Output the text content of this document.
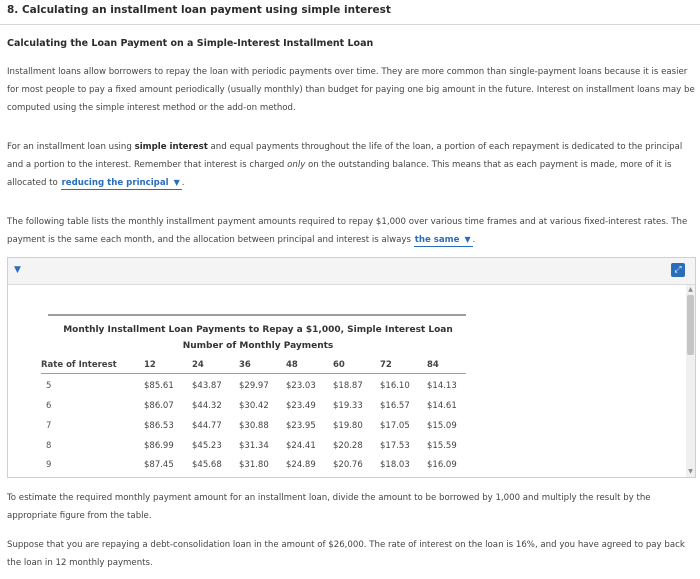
8. Calculating an installment loan payment using simple interest
Calculating the Loan Payment on a Simple-Interest Installment Loan
Installment loans allow borrowers to repay the loan with periodic payments over time. They are more common than single-payment loans because it is easier for most people to pay a fixed amount periodically (usually monthly) than budget for paying one big amount in the future. Interest on installment loans may be computed using the simple interest method or the add-on method.
For an installment loan using simple interest and equal payments throughout the life of the loan, a portion of each repayment is dedicated to the principal and a portion to the interest. Remember that interest is charged only on the outstanding balance. This means that as each payment is made, more of it is allocated to reducing the principal ▼ .
The following table lists the monthly installment payment amounts required to repay $1,000 over various time frames and at various fixed-interest rates. The payment is the same each month, and the allocation between principal and interest is always the same ▼ .
▼	⤢
Monthly Installment Loan Payments to Repay a $1,000, Simple Interest Loan
Number of Monthly Payments
Rate of Interest	12	24	36	48	60	72	84
5	$85.61 $43.87 $29.97 $23.03 $18.87 $16.10 $14.13
6	$86.07 $44.32 $30.42 $23.49 $19.33 $16.57 $14.61
7	$86.53 $44.77 $30.88 $23.95 $19.80 $17.05 $15.09
8	$86.99 $45.23 $31.34 $24.41 $20.28 $17.53 $15.59
9	$87.45 $45.68 $31.80 $24.89 $20.76 $18.03 $16.09
▲
▼
To estimate the required monthly payment amount for an installment loan, divide the amount to be borrowed by 1,000 and multiply the result by the appropriate figure from the table.
Suppose that you are repaying a debt-consolidation loan in the amount of $26,000. The rate of interest on the loan is 16%, and you have agreed to pay back the loan in 12 monthly payments.
